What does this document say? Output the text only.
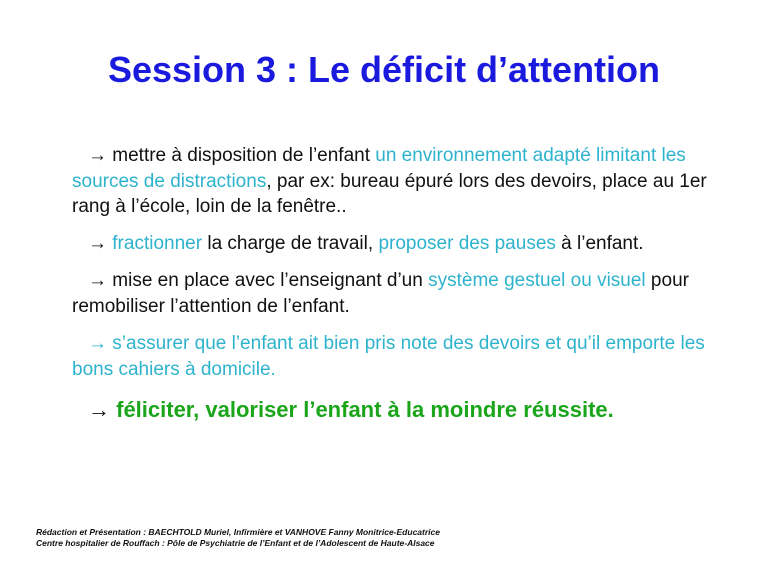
Session 3 : Le déficit d’attention
→ mettre à disposition de l’enfant un environnement adapté limitant les sources de distractions, par ex: bureau épuré lors des devoirs, place au 1er rang à l’école, loin de la fenêtre..
→ fractionner la charge de travail, proposer des pauses à l’enfant.
→ mise en place avec l’enseignant d’un système gestuel ou visuel pour remobiliser l’attention de l’enfant.
→ s’assurer que l’enfant ait bien pris note des devoirs et qu’il emporte les bons cahiers à domicile.
→ féliciter, valoriser l’enfant à la moindre réussite.
Rédaction et Présentation : BAECHTOLD Muriel, Infirmière et VANHOVE Fanny Monitrice-Educatrice
Centre hospitalier de Rouffach : Pôle de Psychiatrie de l’Enfant et de l’Adolescent de Haute-Alsace
